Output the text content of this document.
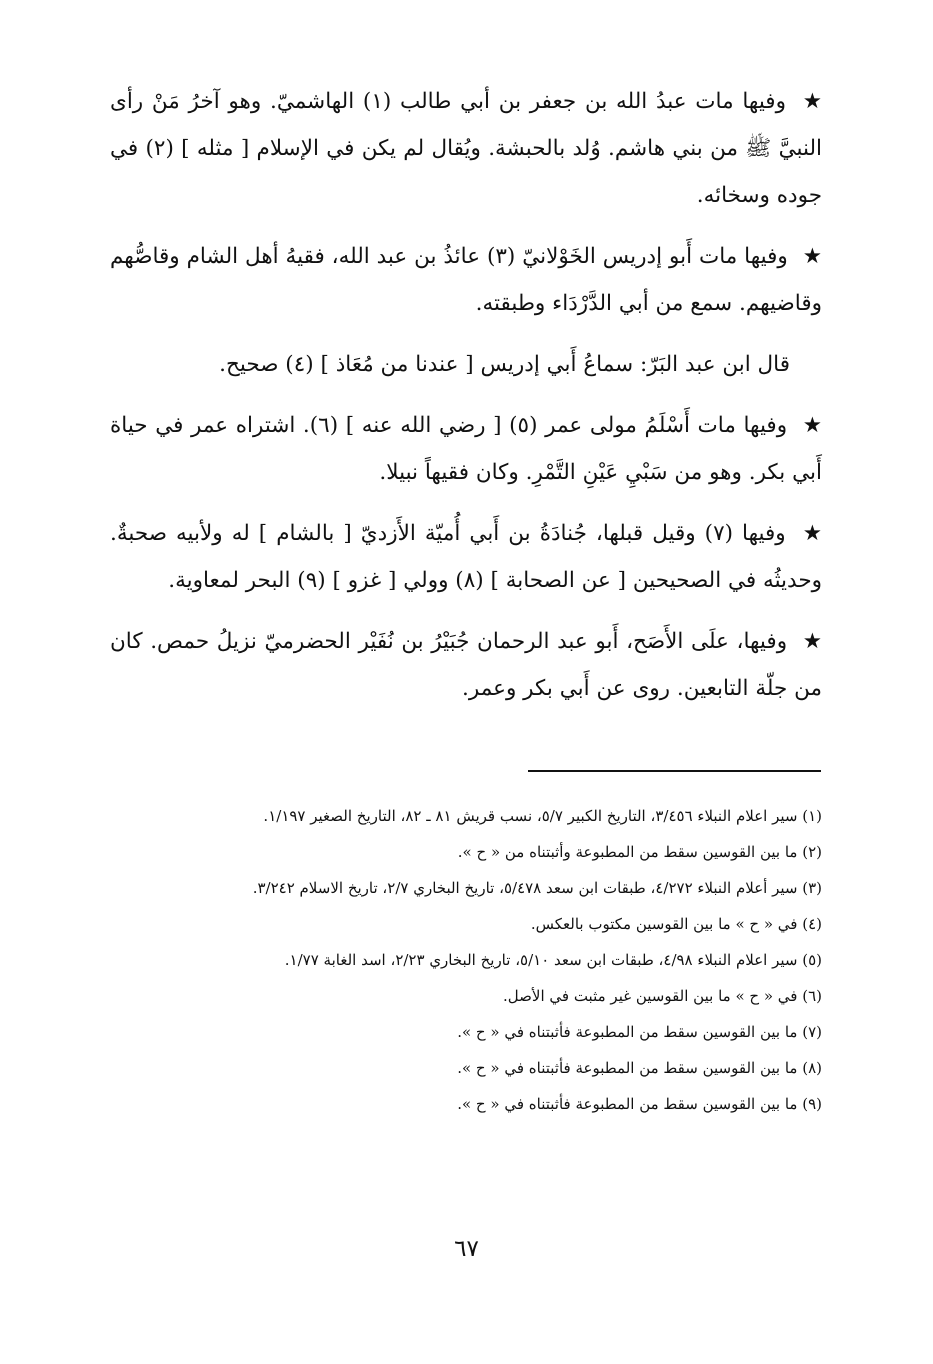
★ وفيها مات عبدُ الله بن جعفر بن أبي طالب (١) الهاشميّ. وهو آخرُ مَنْ رأى النبيَّ ﷺ من بني هاشم. وُلد بالحبشة. ويُقال لم يكن في الإسلام [ مثله ] (٢) في جوده وسخائه.

★ وفيها مات أَبو إدريس الخَوْلانيّ (٣) عائذُ بن عبد الله، فقيهُ أهل الشام وقاصُّهم وقاضيهم. سمع من أبي الدَّرْدَاء وطبقته.

قال ابن عبد البَرّ: سماعُ أَبي إدريس [ عندنا من مُعَاذ ] (٤) صحيح.

★ وفيها مات أَسْلَمُ مولى عمر (٥) [ رضي الله عنه ] (٦). اشتراه عمر في حياة أَبي بكر. وهو من سَبْيِ عَيْنِ التَّمْرِ. وكان فقيهاً نبيلا.

★ وفيها (٧) وقيل قبلها، جُنادَةُ بن أَبي أُميّة الأَزديّ [ بالشام ] له ولأبيه صحبةٌ. وحديثُه في الصحيحين [ عن الصحابة ] (٨) وولي [ غزو ] (٩) البحر لمعاوية.

★ وفيها، علَى الأَصَح، أَبو عبد الرحمان جُبَيْرُ بن نُفَيْر الحضرميّ نزيلُ حمص. كان من جلّة التابعين. روى عن أَبي بكر وعمر.

(١) سير اعلام النبلاء ٣/٤٥٦، التاريخ الكبير ٥/٧، نسب قريش ٨١ ـ ٨٢، التاريخ الصغير ١/١٩٧.

(٢) ما بين القوسين سقط من المطبوعة وأثبتناه من « ح ».

(٣) سير أعلام النبلاء ٤/٢٧٢، طبقات ابن سعد ٥/٤٧٨، تاريخ البخاري ٢/٧، تاريخ الاسلام ٣/٢٤٢.

(٤) في « ح » ما بين القوسين مكتوب بالعكس.

(٥) سير اعلام النبلاء ٤/٩٨، طبقات ابن سعد ٥/١٠، تاريخ البخاري ٢/٢٣، اسد الغابة ١/٧٧.

(٦) في « ح » ما بين القوسين غير مثبت في الأصل.

(٧) ما بين القوسين سقط من المطبوعة فأثبتناه في « ح ».

(٨) ما بين القوسين سقط من المطبوعة فأثبتناه في « ح ».

(٩) ما بين القوسين سقط من المطبوعة فأثبتناه في « ح ».

٦٧
